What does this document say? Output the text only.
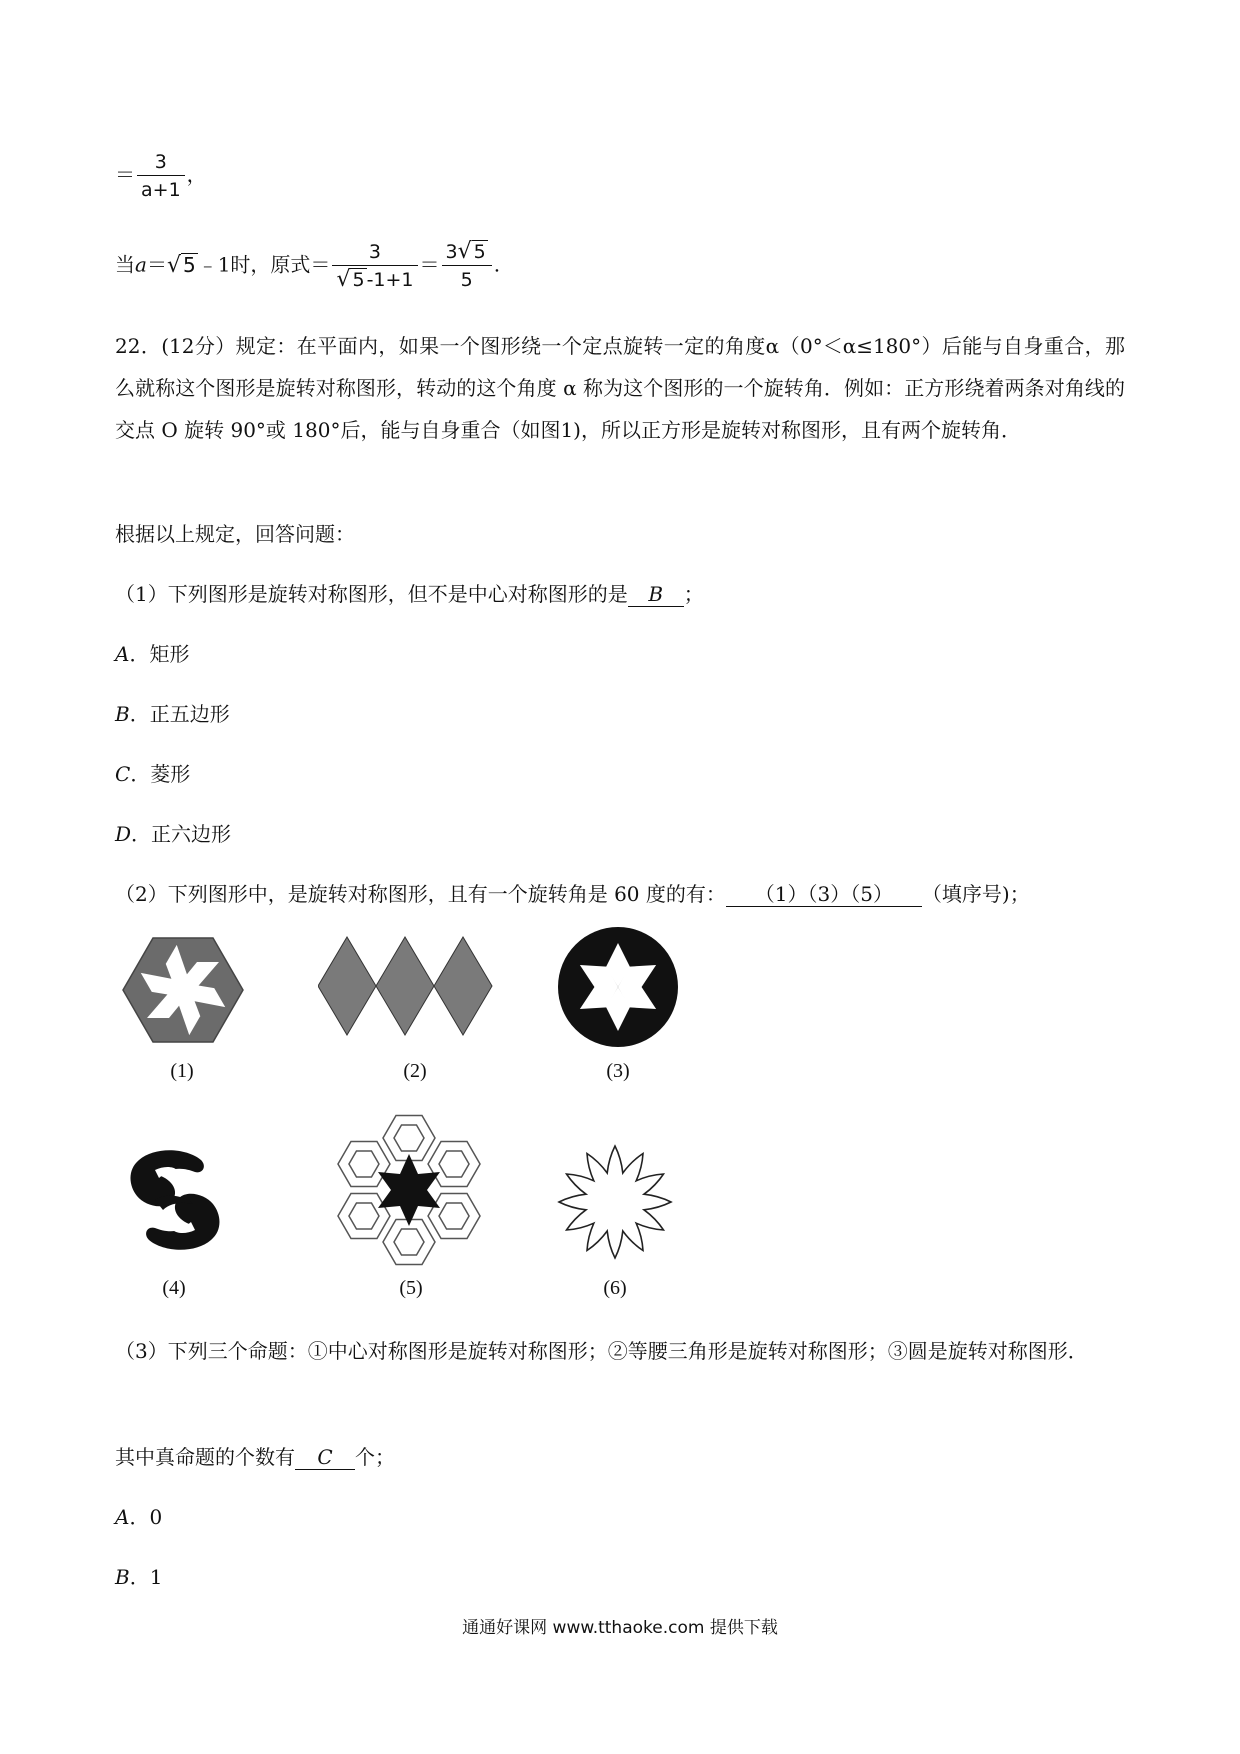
＝ $\frac{3}{a+1}$ ，
当a＝√ 5 ﹣1时，原式＝ $\frac{3}{√ 5 -1+1} = \frac{3√ 5}{5}$ .
22．(12分）规定：在平面内，如果一个图形绕一个定点旋转一定的角度α（0°＜α≤180°）后能与自身重合，那么就称这个图形是旋转对称图形，转动的这个角度 α 称为这个图形的一个旋转角．例如：正方形绕着两条对角线的交点 O 旋转 90°或 180°后，能与自身重合（如图1)，所以正方形是旋转对称图形，且有两个旋转角．
根据以上规定，回答问题：
（1）下列图形是旋转对称图形，但不是中心对称图形的是 B ；
A．矩形
B．正五边形
C．菱形
D．正六边形
（2）下列图形中，是旋转对称图形，且有一个旋转角是 60 度的有： （1）（3）（5） （填序号)；
(1)	(2)	(3)
(4)	(5)	(6)
（3）下列三个命题：①中心对称图形是旋转对称图形；②等腰三角形是旋转对称图形；③圆是旋转对称图形．
其中真命题的个数有 C 个；
A．0
B．1
通通好课网 www.tthaoke.com 提供下载
